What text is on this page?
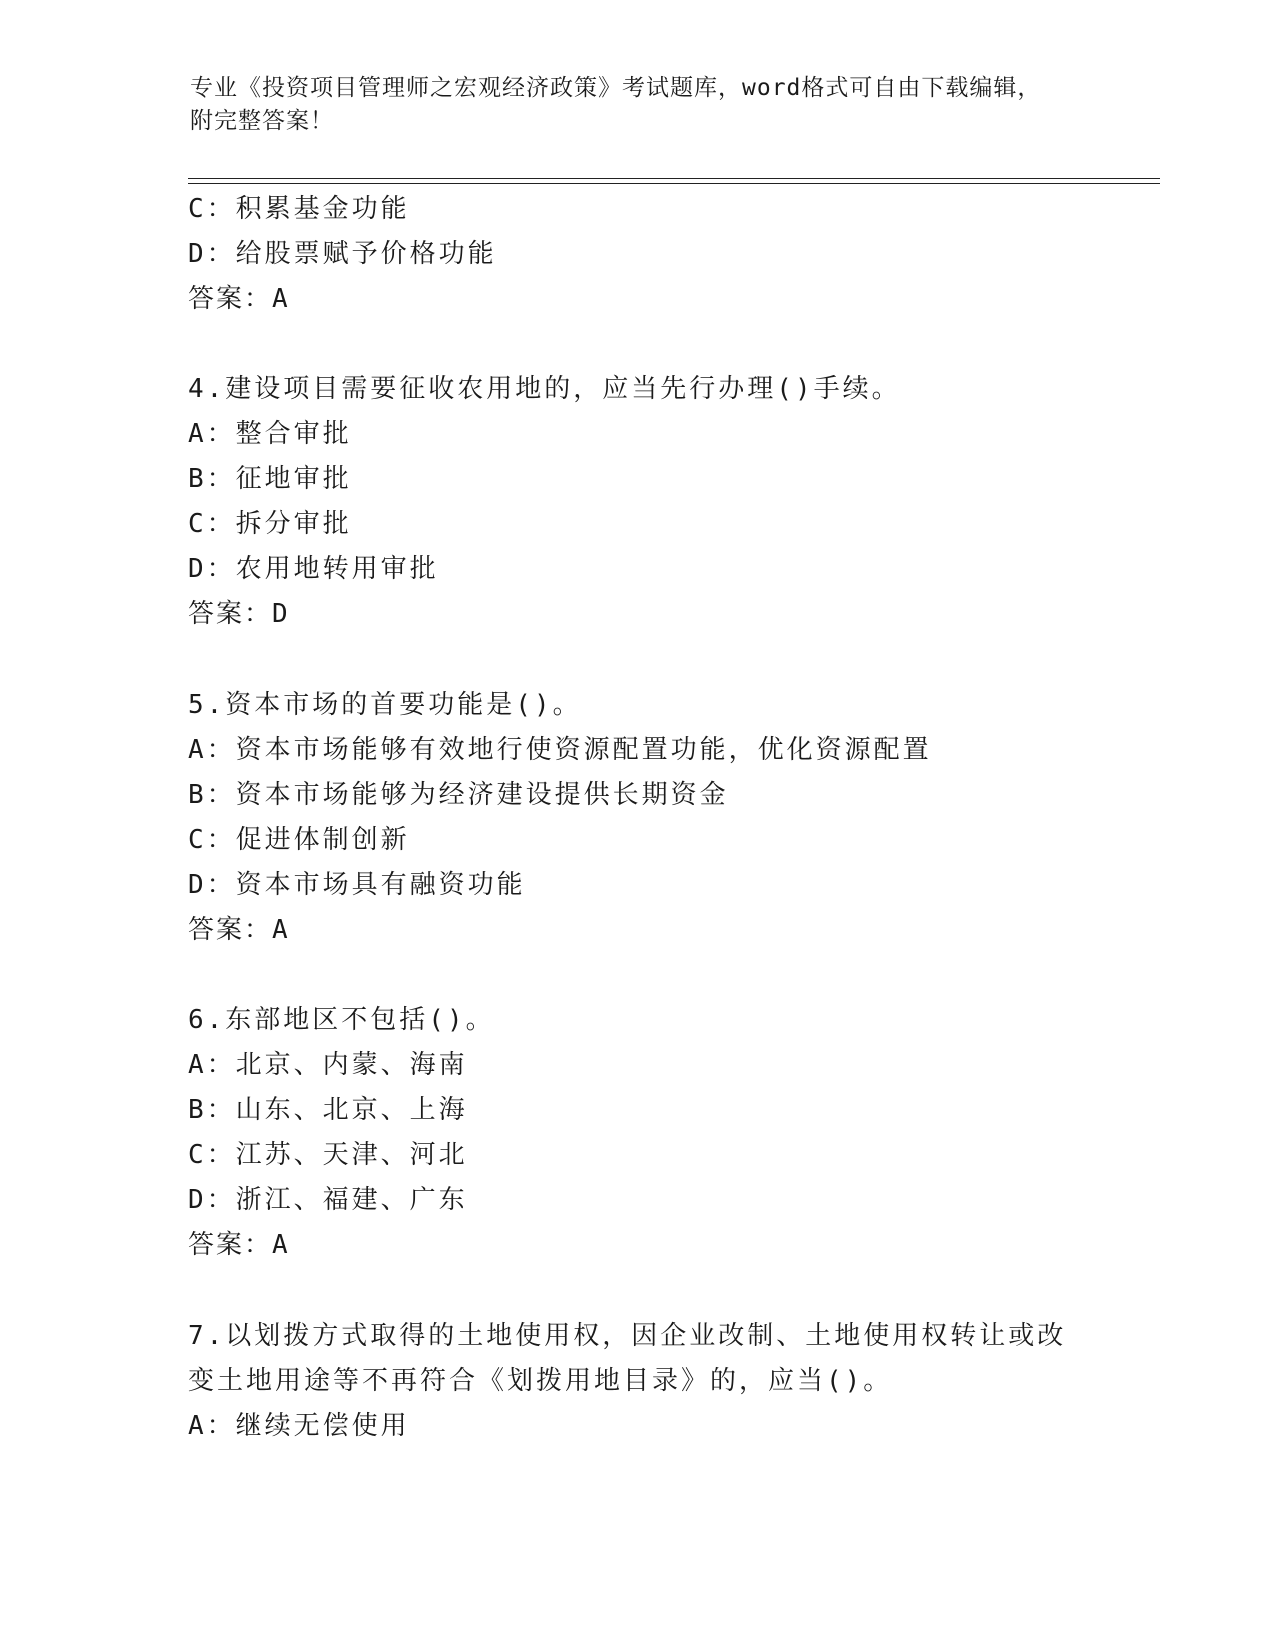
专业《投资项目管理师之宏观经济政策》考试题库，word格式可自由下载编辑，
附完整答案！
C：积累基金功能
D：给股票赋予价格功能
答案：A
4.建设项目需要征收农用地的，应当先行办理()手续。
A：整合审批
B：征地审批
C：拆分审批
D：农用地转用审批
答案：D
5.资本市场的首要功能是()。
A：资本市场能够有效地行使资源配置功能，优化资源配置
B：资本市场能够为经济建设提供长期资金
C：促进体制创新
D：资本市场具有融资功能
答案：A
6.东部地区不包括()。
A：北京、内蒙、海南
B：山东、北京、上海
C：江苏、天津、河北
D：浙江、福建、广东
答案：A
7.以划拨方式取得的土地使用权，因企业改制、土地使用权转让或改
变土地用途等不再符合《划拨用地目录》的，应当()。
A：继续无偿使用
